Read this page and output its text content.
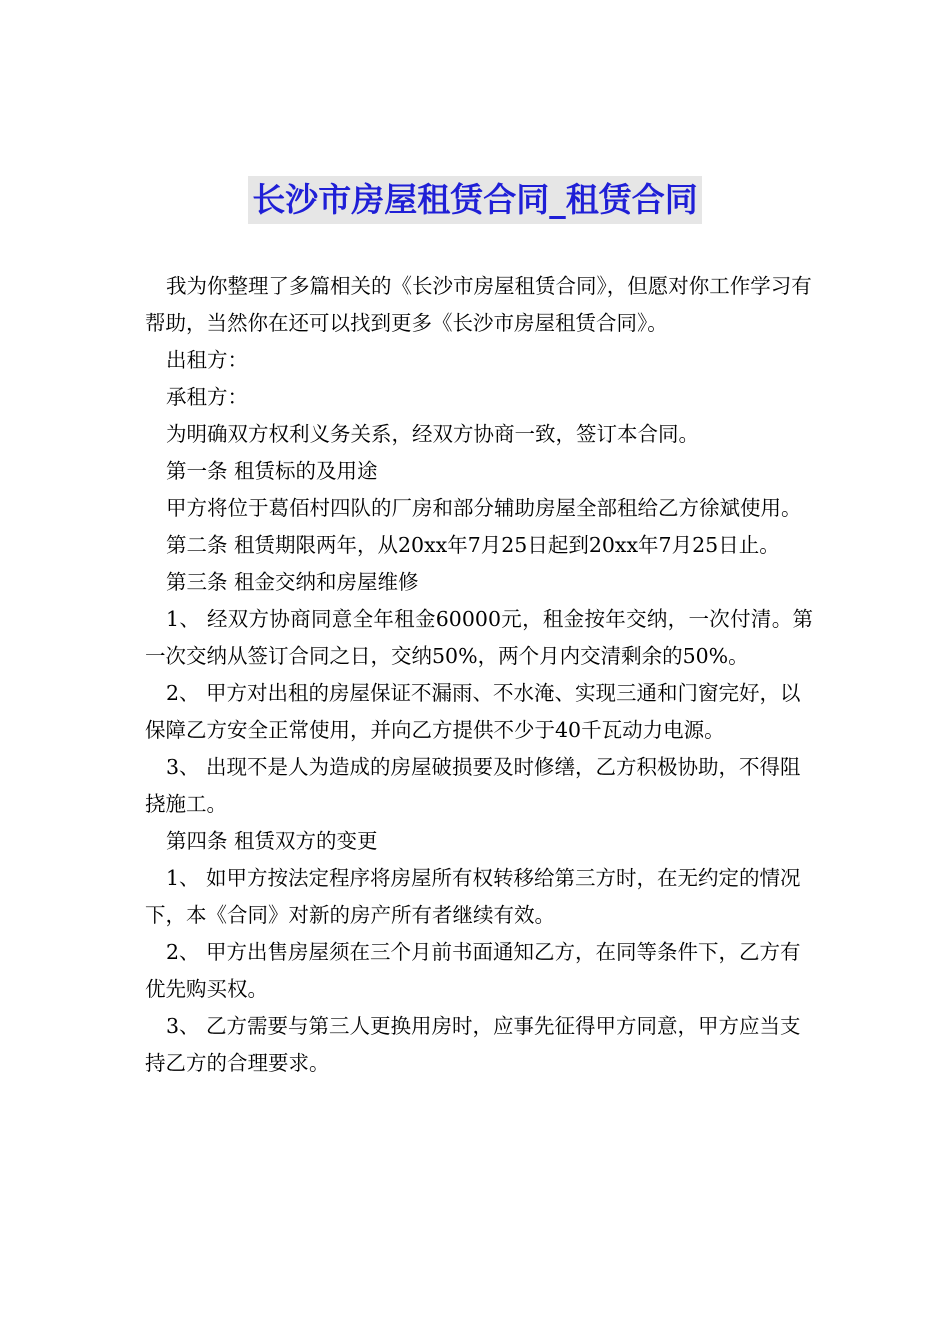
长沙市房屋租赁合同_租赁合同

我为你整理了多篇相关的《长沙市房屋租赁合同》，但愿对你工作学习有帮助，当然你在还可以找到更多《长沙市房屋租赁合同》。

出租方：

承租方：

为明确双方权利义务关系，经双方协商一致，签订本合同。

第一条 租赁标的及用途

甲方将位于葛佰村四队的厂房和部分辅助房屋全部租给乙方徐斌使用。

第二条 租赁期限两年，从20xx年7月25日起到20xx年7月25日止。

第三条 租金交纳和房屋维修

1、 经双方协商同意全年租金60000元，租金按年交纳，一次付清。第一次交纳从签订合同之日，交纳50%，两个月内交清剩余的50%。

2、 甲方对出租的房屋保证不漏雨、不水淹、实现三通和门窗完好，以保障乙方安全正常使用，并向乙方提供不少于40千瓦动力电源。

3、 出现不是人为造成的房屋破损要及时修缮，乙方积极协助，不得阻挠施工。

第四条 租赁双方的变更

1、 如甲方按法定程序将房屋所有权转移给第三方时，在无约定的情况下，本《合同》对新的房产所有者继续有效。

2、 甲方出售房屋须在三个月前书面通知乙方，在同等条件下，乙方有优先购买权。

3、 乙方需要与第三人更换用房时，应事先征得甲方同意，甲方应当支持乙方的合理要求。
